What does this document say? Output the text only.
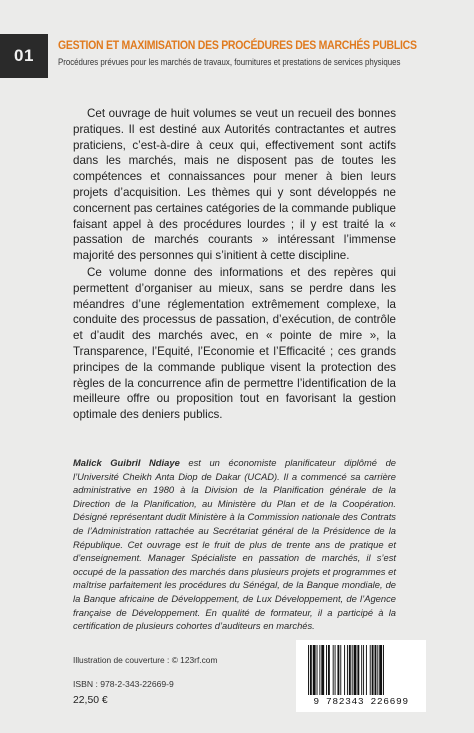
01
GESTION ET MAXIMISATION DES PROCÉDURES DES MARCHÉS PUBLICS
Procédures prévues pour les marchés de travaux, fournitures et prestations de services physiques

Cet ouvrage de huit volumes se veut un recueil des bonnes pratiques. Il est destiné aux Autorités contractantes et autres praticiens, c’est-à-dire à ceux qui, effectivement sont actifs dans les marchés, mais ne disposent pas de toutes les compétences et connaissances pour mener à bien leurs projets d’acquisition. Les thèmes qui y sont développés ne concernent pas certaines catégories de la commande publique faisant appel à des procédures lourdes ; il y est traité la « passation de marchés courants » intéressant l’immense majorité des personnes qui s’initient à cette discipline.

Ce volume donne des informations et des repères qui permettent d’organiser au mieux, sans se perdre dans les méandres d’une réglementation extrêmement complexe, la conduite des processus de passation, d’exécution, de contrôle et d’audit des marchés avec, en « pointe de mire », la Transparence, l’Equité, l’Economie et l’Efficacité ; ces grands principes de la commande publique visent la protection des règles de la concurrence afin de permettre l’identification de la meilleure offre ou proposition tout en favorisant la gestion optimale des deniers publics.

Malick Guibril Ndiaye est un économiste planificateur diplômé de l’Université Cheikh Anta Diop de Dakar (UCAD). Il a commencé sa carrière administrative en 1980 à la Division de la Planification générale de la Direction de la Planification, au Ministère du Plan et de la Coopération. Désigné représentant dudit Ministère à la Commission nationale des Contrats de l’Administration rattachée au Secrétariat général de la Présidence de la République. Cet ouvrage est le fruit de plus de trente ans de pratique et d’enseignement. Manager Spécialiste en passation de marchés, il s’est occupé de la passation des marchés dans plusieurs projets et programmes et maîtrise parfaitement les procédures du Sénégal, de la Banque mondiale, de la Banque africaine de Développement, de Lux Développement, de l’Agence française de Développement. En qualité de formateur, il a participé à la certification de plusieurs cohortes d’auditeurs en marchés.

Illustration de couverture : © 123rf.com
ISBN : 978-2-343-22669-9
22,50 €	9 782343 226699
